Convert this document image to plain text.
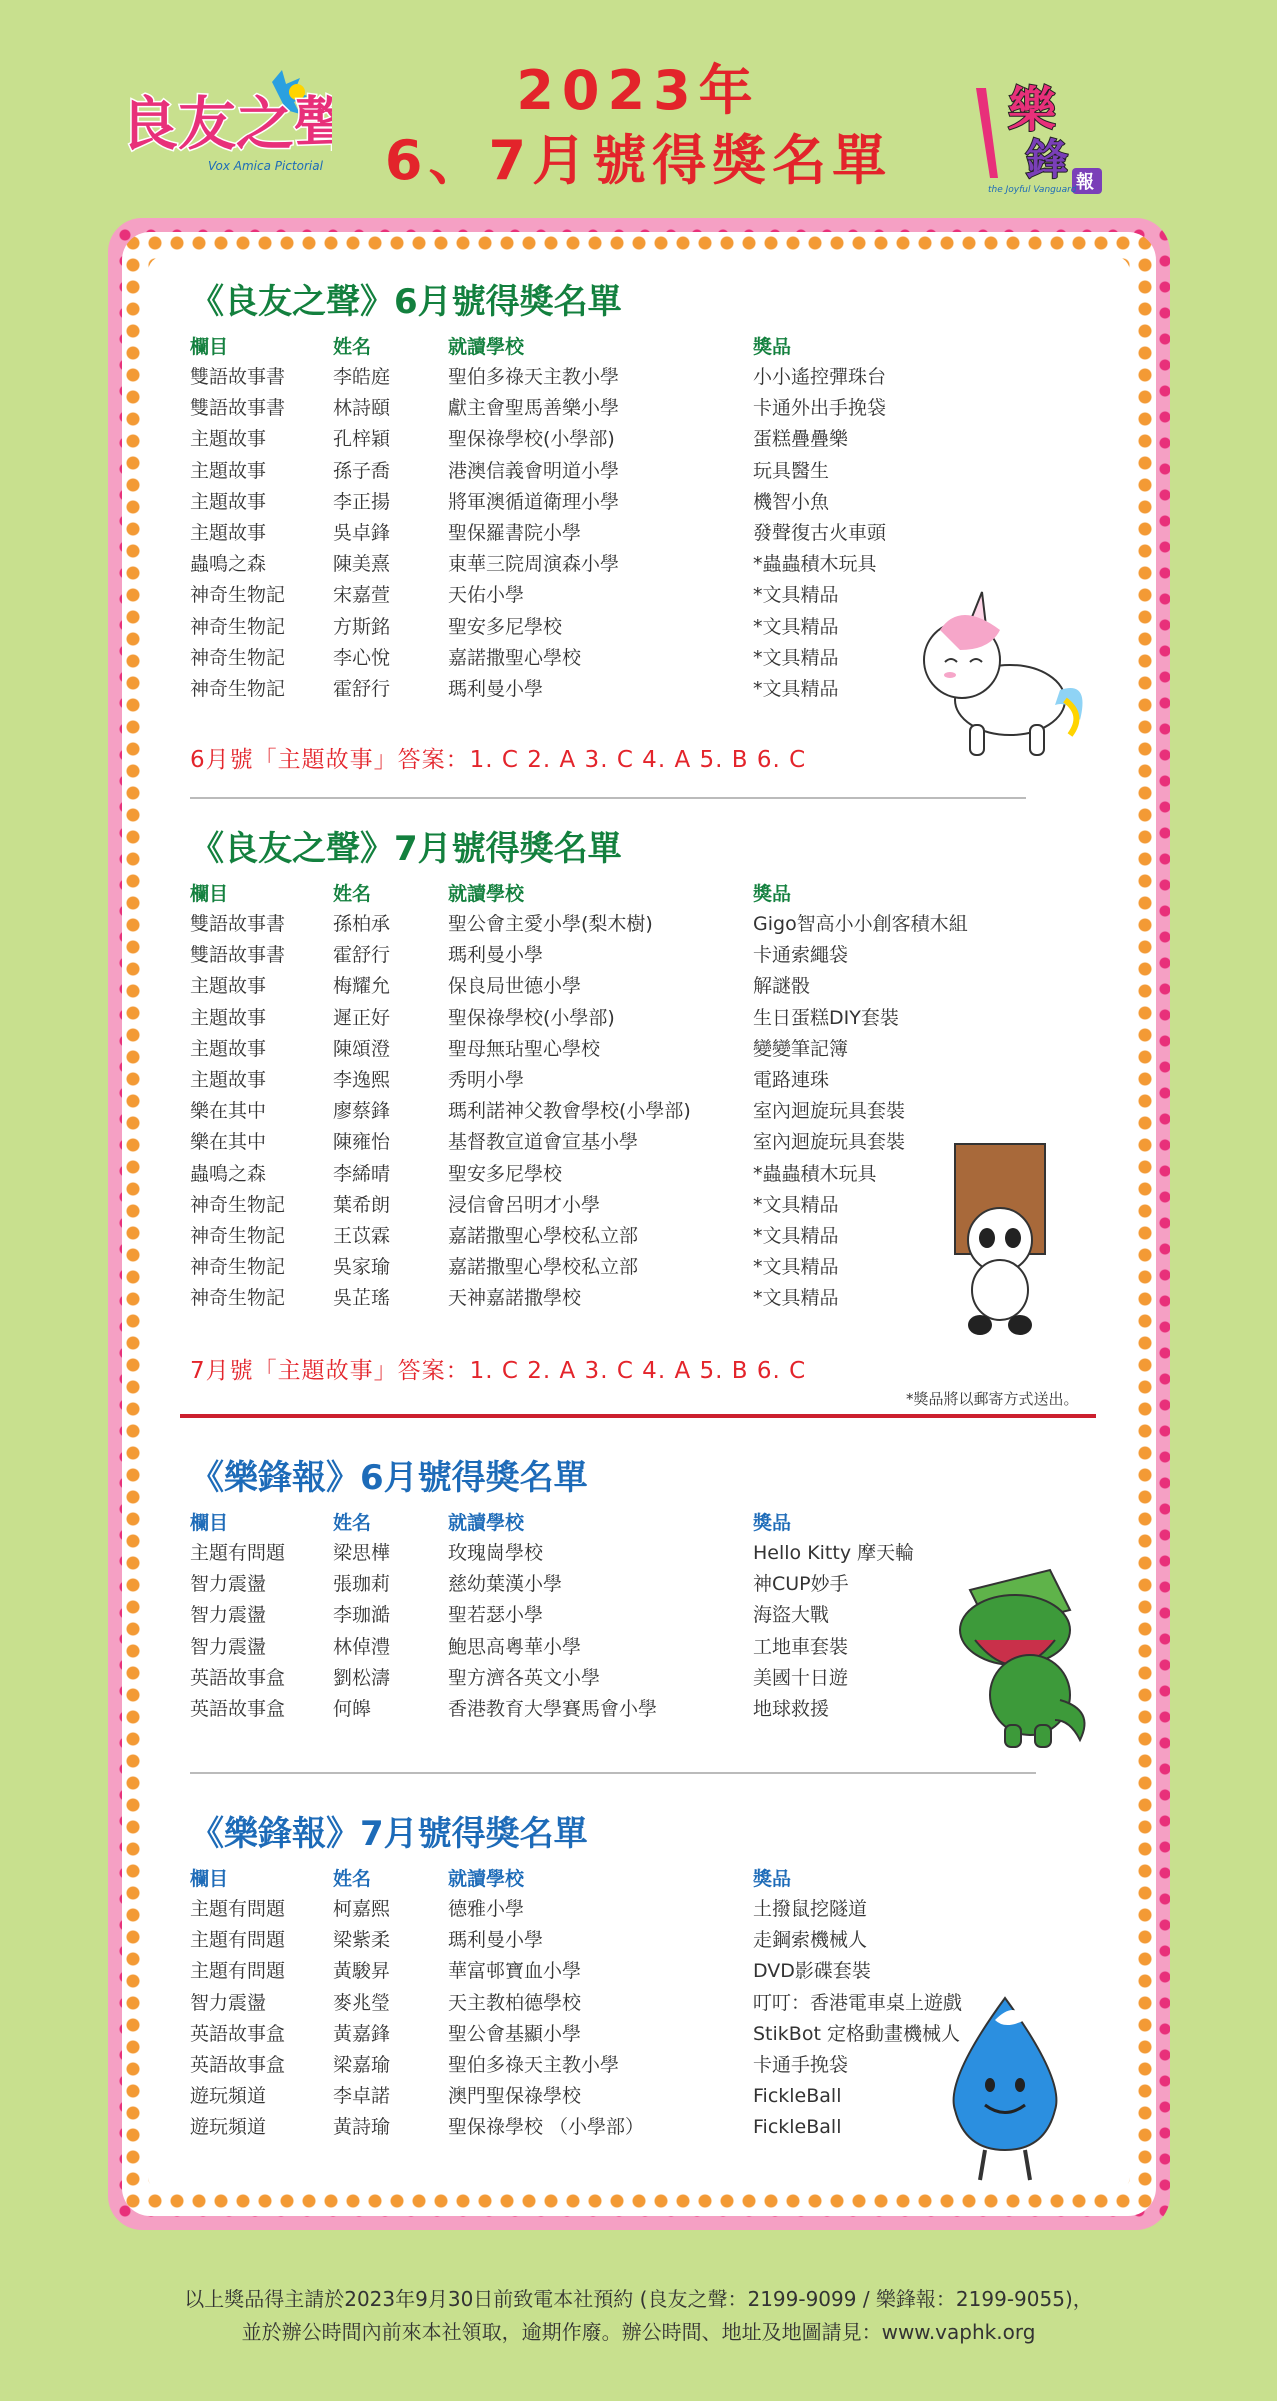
良友之聲
Vox Amica Pictorial
2023年
6、7月號得獎名單
樂
鋒 報
the Joyful Vanguard
《良友之聲》6月號得獎名單
欄目	姓名	就讀學校	獎品
雙語故事書	李皓庭	聖伯多祿天主教小學	小小遙控彈珠台
雙語故事書	林詩頤	獻主會聖馬善樂小學	卡通外出手挽袋
主題故事	孔梓穎	聖保祿學校(小學部)	蛋糕疊疊樂
主題故事	孫子喬	港澳信義會明道小學	玩具醫生
主題故事	李正揚	將軍澳循道衛理小學	機智小魚
主題故事	吳卓鋒	聖保羅書院小學	發聲復古火車頭
蟲鳴之森	陳美熹	東華三院周演森小學	*蟲蟲積木玩具
神奇生物記	宋嘉萱	天佑小學	*文具精品
神奇生物記	方斯銘	聖安多尼學校	*文具精品
神奇生物記	李心悅	嘉諾撒聖心學校	*文具精品
神奇生物記	霍舒行	瑪利曼小學	*文具精品
6月號「主題故事」答案：1. C 2. A 3. C 4. A 5. B 6. C
《良友之聲》7月號得獎名單
欄目	姓名	就讀學校	獎品
雙語故事書	孫柏承	聖公會主愛小學(梨木樹)	Gigo智高小小創客積木組
雙語故事書	霍舒行	瑪利曼小學	卡通索繩袋
主題故事	梅耀允	保良局世德小學	解謎骰
主題故事	遲正好	聖保祿學校(小學部)	生日蛋糕DIY套裝
主題故事	陳頌澄	聖母無玷聖心學校	變變筆記簿
主題故事	李逸熙	秀明小學	電路連珠
樂在其中	廖蔡鋒	瑪利諾神父教會學校(小學部)	室內迴旋玩具套裝
樂在其中	陳雍怡	基督教宣道會宣基小學	室內迴旋玩具套裝
蟲鳴之森	李絺晴	聖安多尼學校	*蟲蟲積木玩具
神奇生物記	葉希朗	浸信會呂明才小學	*文具精品
神奇生物記	王苡霖	嘉諾撒聖心學校私立部	*文具精品
神奇生物記	吳家瑜	嘉諾撒聖心學校私立部	*文具精品
神奇生物記	吳芷瑤	天神嘉諾撒學校	*文具精品
7月號「主題故事」答案：1. C 2. A 3. C 4. A 5. B 6. C
*獎品將以郵寄方式送出。
《樂鋒報》6月號得獎名單
欄目	姓名	就讀學校	獎品
主題有問題	梁思樺	玫瑰崗學校	Hello Kitty 摩天輪
智力震盪	張珈莉	慈幼葉漢小學	神CUP妙手
智力震盪	李珈澔	聖若瑟小學	海盜大戰
智力震盪	林倬澧	鮑思高粵華小學	工地車套裝
英語故事盒	劉松濤	聖方濟各英文小學	美國十日遊
英語故事盒	何皞	香港教育大學賽馬會小學	地球救援
《樂鋒報》7月號得獎名單
欄目	姓名	就讀學校	獎品
主題有問題	柯嘉熙	德雅小學	土撥鼠挖隧道
主題有問題	梁紫柔	瑪利曼小學	走鋼索機械人
主題有問題	黃駿昇	華富邨寶血小學	DVD影碟套裝
智力震盪	麥兆瑩	天主教柏德學校	叮叮：香港電車桌上遊戲
英語故事盒	黃嘉鋒	聖公會基顯小學	StikBot 定格動畫機械人
英語故事盒	梁嘉瑜	聖伯多祿天主教小學	卡通手挽袋
遊玩頻道	李卓諾	澳門聖保祿學校	FickleBall
遊玩頻道	黃詩瑜	聖保祿學校 （小學部）	FickleBall
以上獎品得主請於2023年9月30日前致電本社預約 (良友之聲：2199-9099 / 樂鋒報：2199-9055)，
並於辦公時間內前來本社領取，逾期作廢。辦公時間、地址及地圖請見：www.vaphk.org
